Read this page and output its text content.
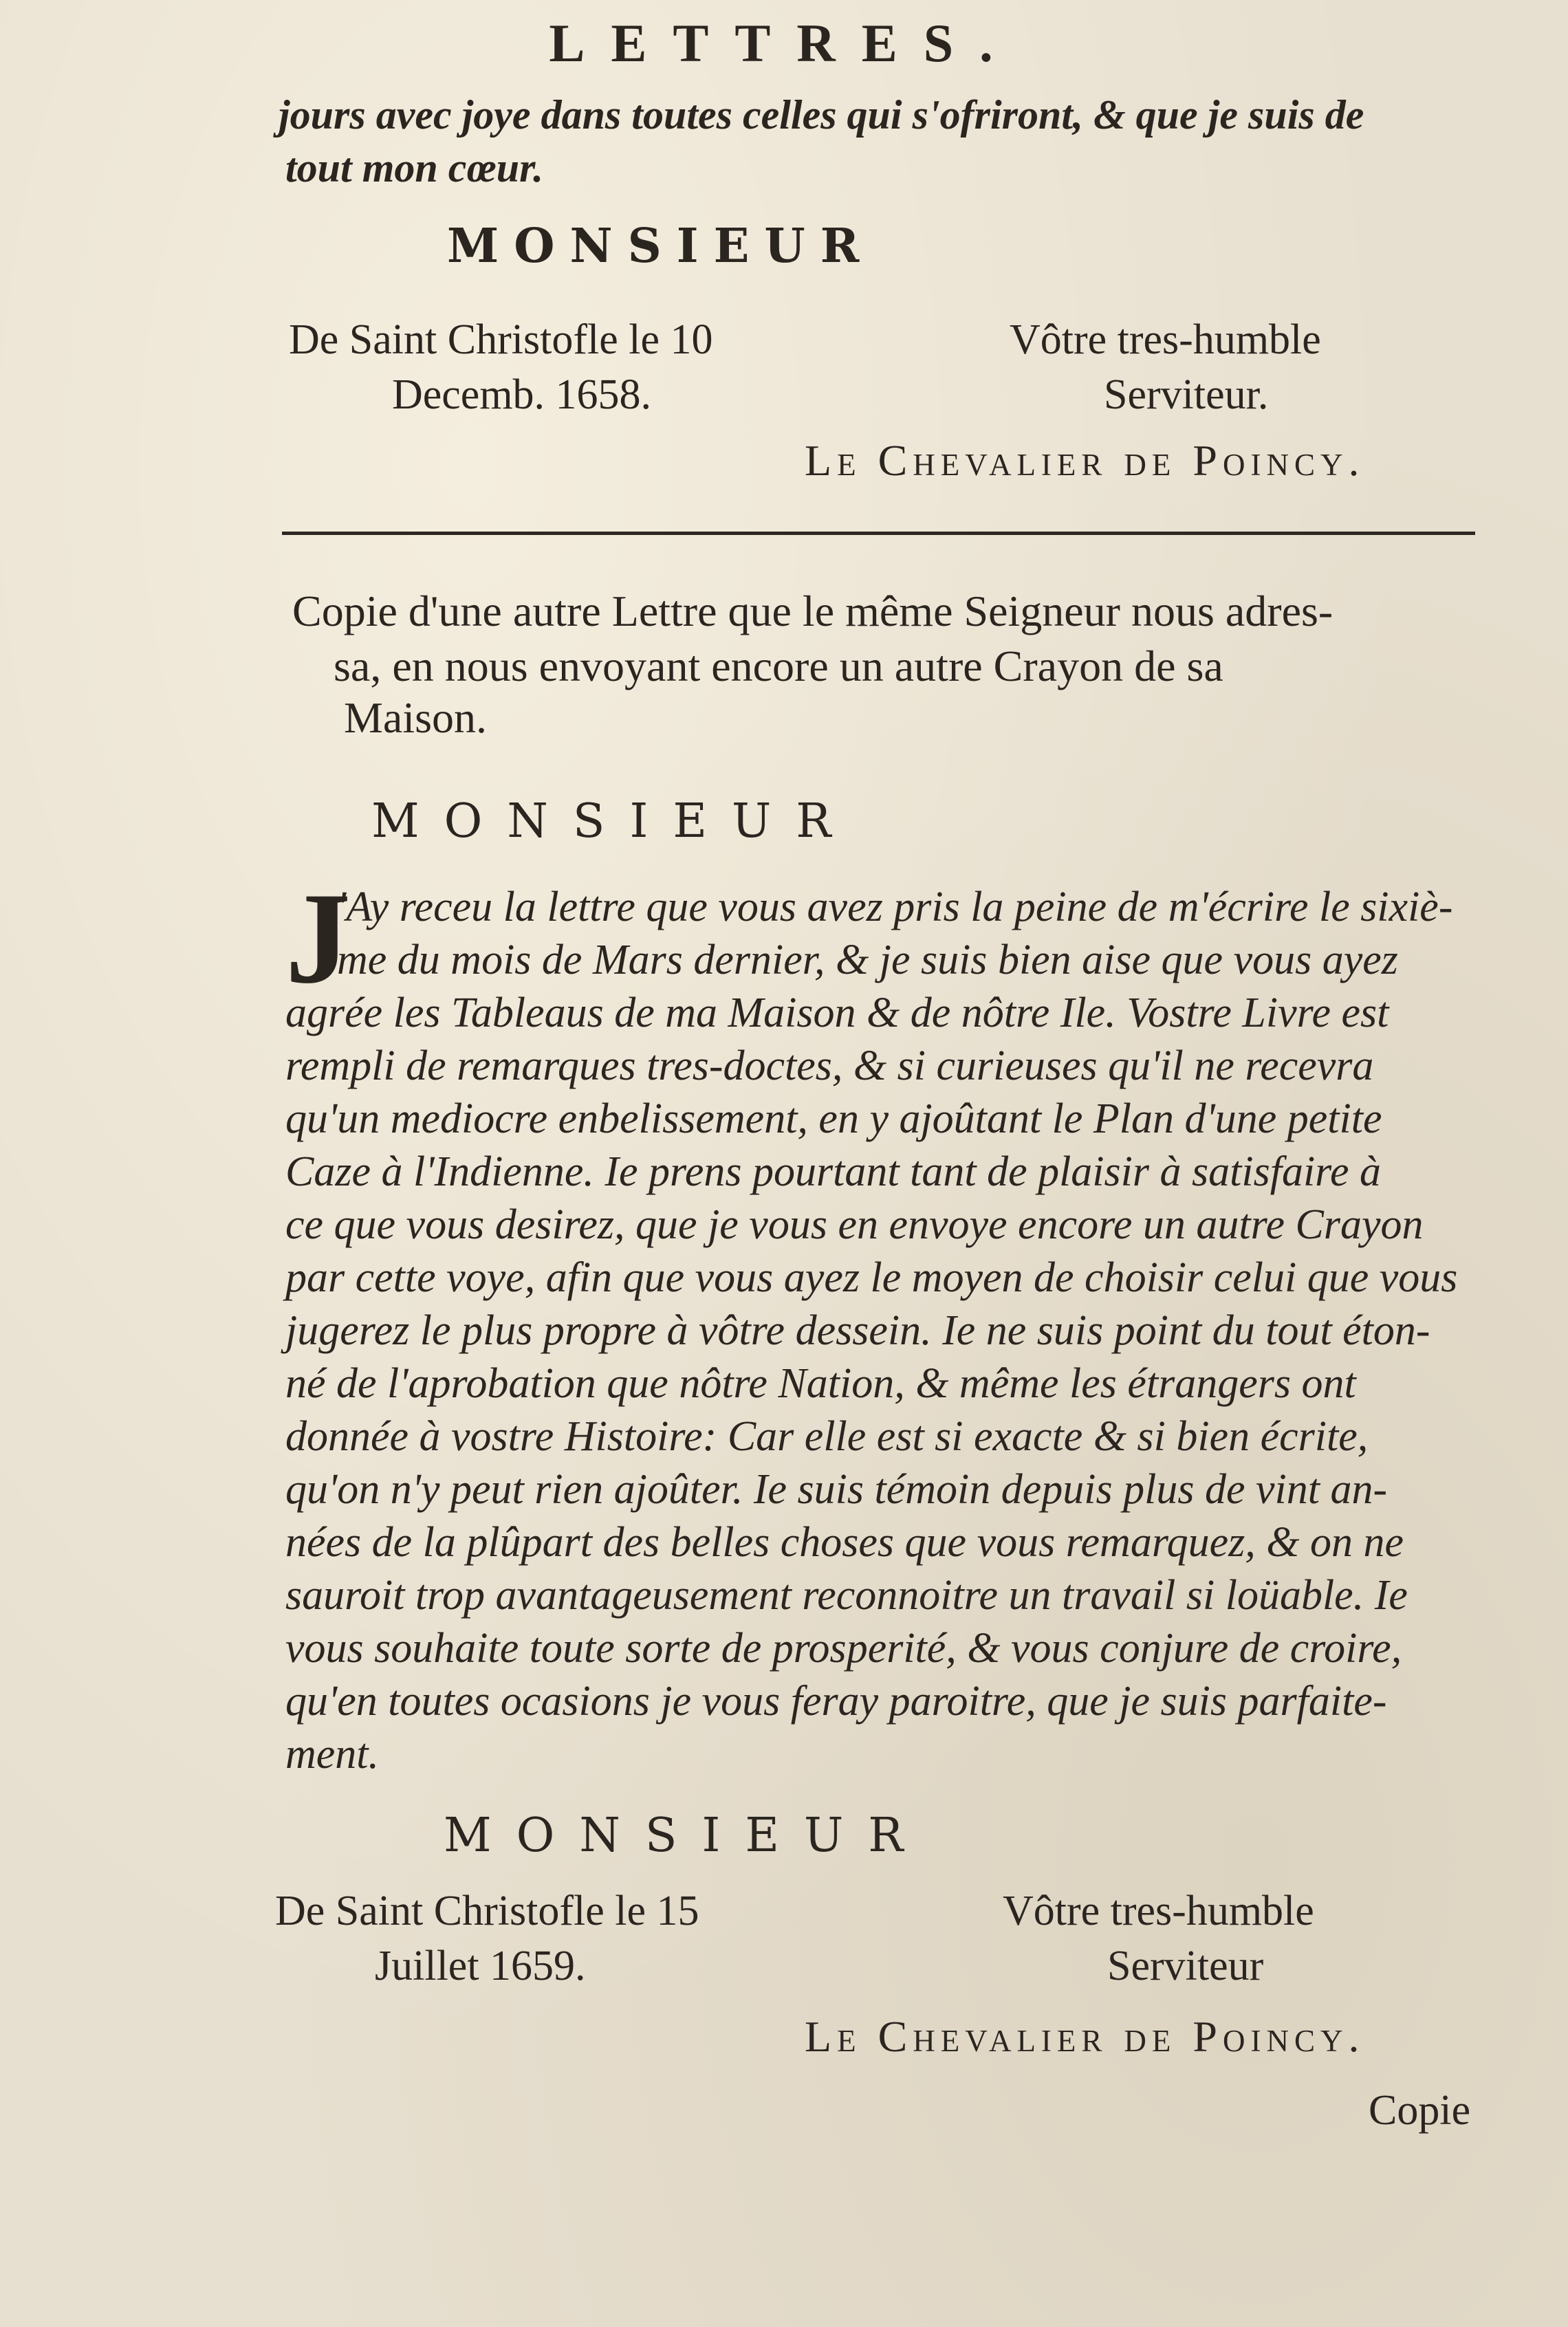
LETTRES.
jours avec joye dans toutes celles qui s'ofriront, & que je suis de
tout mon cœur.
MONSIEUR
De Saint Christofle le 10
Decemb. 1658.
Vôtre tres-humble
Serviteur.
Le Chevalier de Poincy.
Copie d'une autre Lettre que le même Seigneur nous adres-
sa, en nous envoyant encore un autre Crayon de sa
Maison.
MONSIEUR
J
'Ay receu la lettre que vous avez pris la peine de m'écrire le sixiè-
me du mois de Mars dernier, & je suis bien aise que vous ayez
agrée les Tableaus de ma Maison & de nôtre Ile. Vostre Livre est
rempli de remarques tres-doctes, & si curieuses qu'il ne recevra
qu'un mediocre enbelissement, en y ajoûtant le Plan d'une petite
Caze à l'Indienne. Ie prens pourtant tant de plaisir à satisfaire à
ce que vous desirez, que je vous en envoye encore un autre Crayon
par cette voye, afin que vous ayez le moyen de choisir celui que vous
jugerez le plus propre à vôtre dessein. Ie ne suis point du tout éton-
né de l'aprobation que nôtre Nation, & même les étrangers ont
donnée à vostre Histoire: Car elle est si exacte & si bien écrite,
qu'on n'y peut rien ajoûter. Ie suis témoin depuis plus de vint an-
nées de la plûpart des belles choses que vous remarquez, & on ne
sauroit trop avantageusement reconnoitre un travail si loüable. Ie
vous souhaite toute sorte de prosperité, & vous conjure de croire,
qu'en toutes ocasions je vous feray paroitre, que je suis parfaite-
ment.
MONSIEUR
De Saint Christofle le 15
Juillet 1659.
Vôtre tres-humble
Serviteur
Le Chevalier de Poincy.
Copie
